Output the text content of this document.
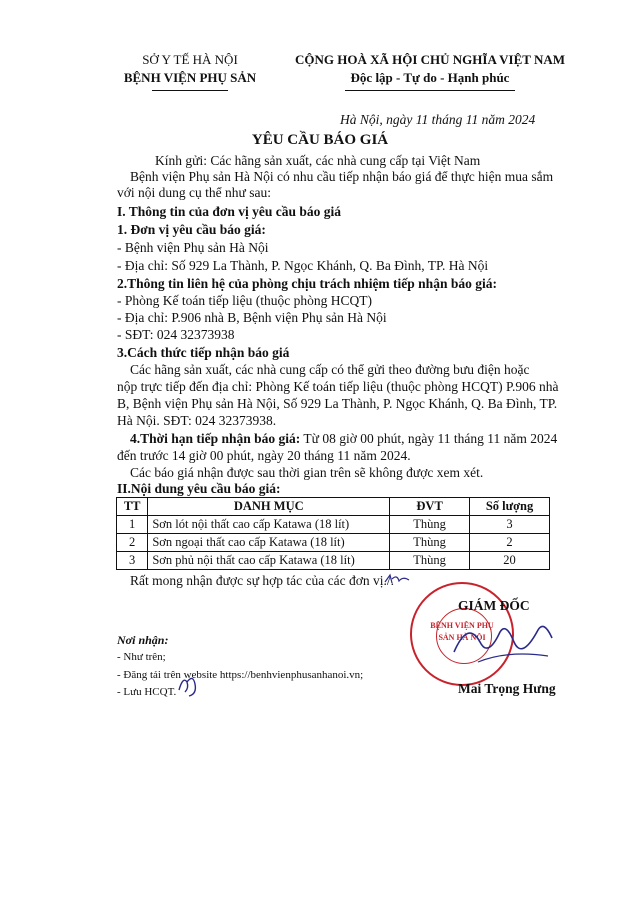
SỞ Y TẾ HÀ NỘI
BỆNH VIỆN PHỤ SẢN
CỘNG HOÀ XÃ HỘI CHỦ NGHĨA VIỆT NAM
Độc lập - Tự do - Hạnh phúc
Hà Nội, ngày 11 tháng 11 năm 2024
YÊU CẦU BÁO GIÁ
Kính gửi: Các hãng sản xuất, các nhà cung cấp tại Việt Nam
Bệnh viện Phụ sản Hà Nội có nhu cầu tiếp nhận báo giá để thực hiện mua sắm
với nội dung cụ thể như sau:
I. Thông tin của đơn vị yêu cầu báo giá
1. Đơn vị yêu cầu báo giá:
- Bệnh viện Phụ sản Hà Nội
- Địa chỉ: Số 929 La Thành, P. Ngọc Khánh, Q. Ba Đình, TP. Hà Nội
2.Thông tin liên hệ của phòng chịu trách nhiệm tiếp nhận báo giá:
- Phòng Kế toán tiếp liệu (thuộc phòng HCQT)
- Địa chỉ: P.906 nhà B, Bệnh viện Phụ sản Hà Nội
- SĐT: 024 32373938
3.Cách thức tiếp nhận báo giá
Các hãng sản xuất, các nhà cung cấp có thể gửi theo đường bưu điện hoặc
nộp trực tiếp đến địa chỉ: Phòng Kế toán tiếp liệu (thuộc phòng HCQT) P.906 nhà
B, Bệnh viện Phụ sản Hà Nội, Số 929 La Thành, P. Ngọc Khánh, Q. Ba Đình, TP.
Hà Nội. SĐT: 024 32373938.
4.Thời hạn tiếp nhận báo giá: Từ 08 giờ 00 phút, ngày 11 tháng 11 năm 2024
đến trước 14 giờ 00 phút, ngày 20 tháng 11 năm 2024.
Các báo giá nhận được sau thời gian trên sẽ không được xem xét.
II.Nội dung yêu cầu báo giá:
TT	DANH MỤC	ĐVT	Số lượng
1	Sơn lót nội thất cao cấp Katawa (18 lít)	Thùng	3
2	Sơn ngoại thất cao cấp Katawa (18 lít)	Thùng	2
3	Sơn phủ nội thất cao cấp Katawa (18 lít)	Thùng	20
Rất mong nhận được sự hợp tác của các đơn vị./.
Nơi nhận:
- Như trên;
- Đăng tải trên website https://benhvienphusanhanoi.vn;
- Lưu HCQT.
BỆNH VIỆN PHỤ SẢN HÀ NỘI
GIÁM ĐỐC
Mai Trọng Hưng
